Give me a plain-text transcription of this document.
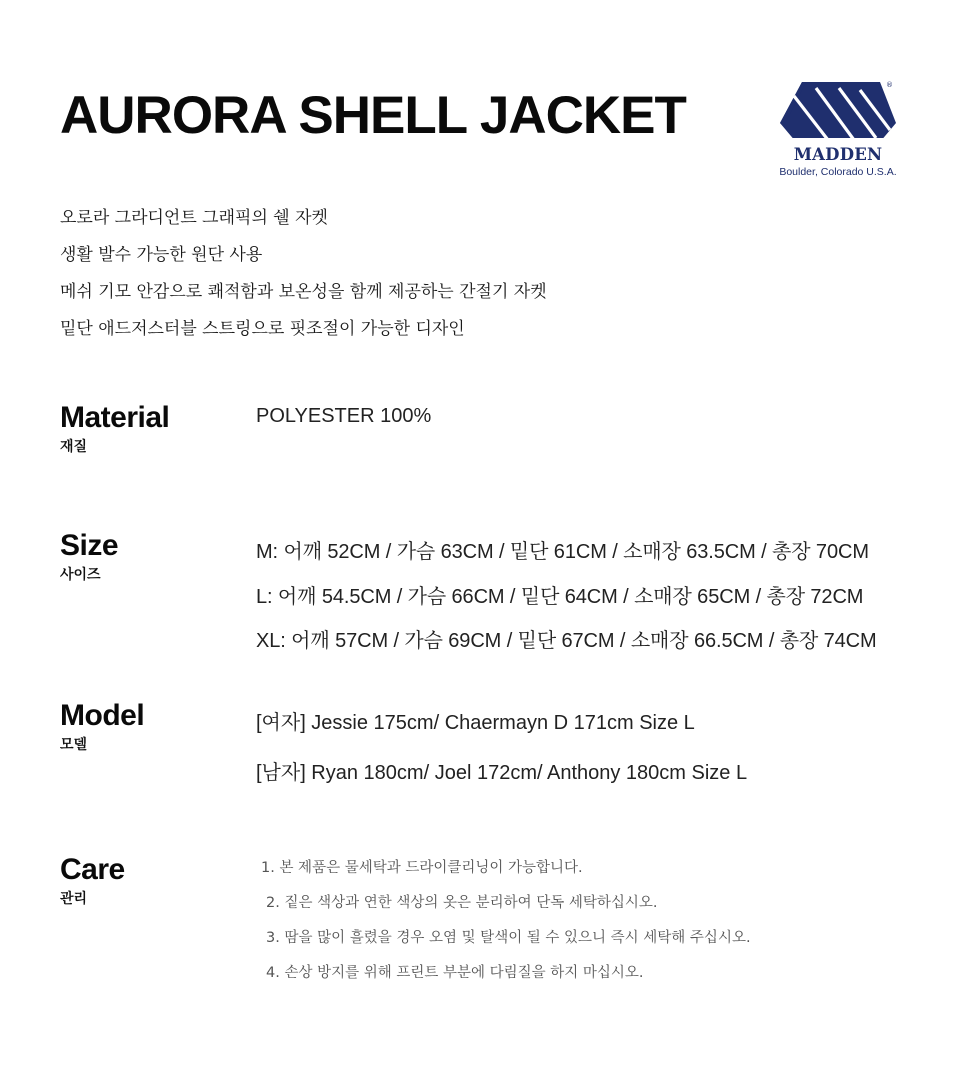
AURORA SHELL JACKET
®
MADDEN
Boulder, Colorado U.S.A.
오로라 그라디언트 그래픽의 쉘 자켓
생활 발수 가능한 원단 사용
메쉬 기모 안감으로 쾌적함과 보온성을 함께 제공하는 간절기 자켓
밑단 애드저스터블 스트링으로 핏조절이 가능한 디자인
Material
재질
POLYESTER 100%
Size
사이즈
M: 어깨 52CM / 가슴 63CM / 밑단 61CM / 소매장 63.5CM / 총장 70CM
L: 어깨 54.5CM / 가슴 66CM / 밑단 64CM / 소매장 65CM / 총장 72CM
XL: 어깨 57CM / 가슴 69CM / 밑단 67CM / 소매장 66.5CM / 총장 74CM
Model
모델
[여자] Jessie 175cm/ Chaermayn D 171cm Size L
[남자] Ryan 180cm/ Joel 172cm/ Anthony 180cm Size L
Care
관리
1. 본 제품은 물세탁과 드라이클리닝이 가능합니다.
2. 짙은 색상과 연한 색상의 옷은 분리하여 단독 세탁하십시오.
3. 땀을 많이 흘렸을 경우 오염 및 탈색이 될 수 있으니 즉시 세탁해 주십시오.
4. 손상 방지를 위해 프린트 부분에 다림질을 하지 마십시오.
